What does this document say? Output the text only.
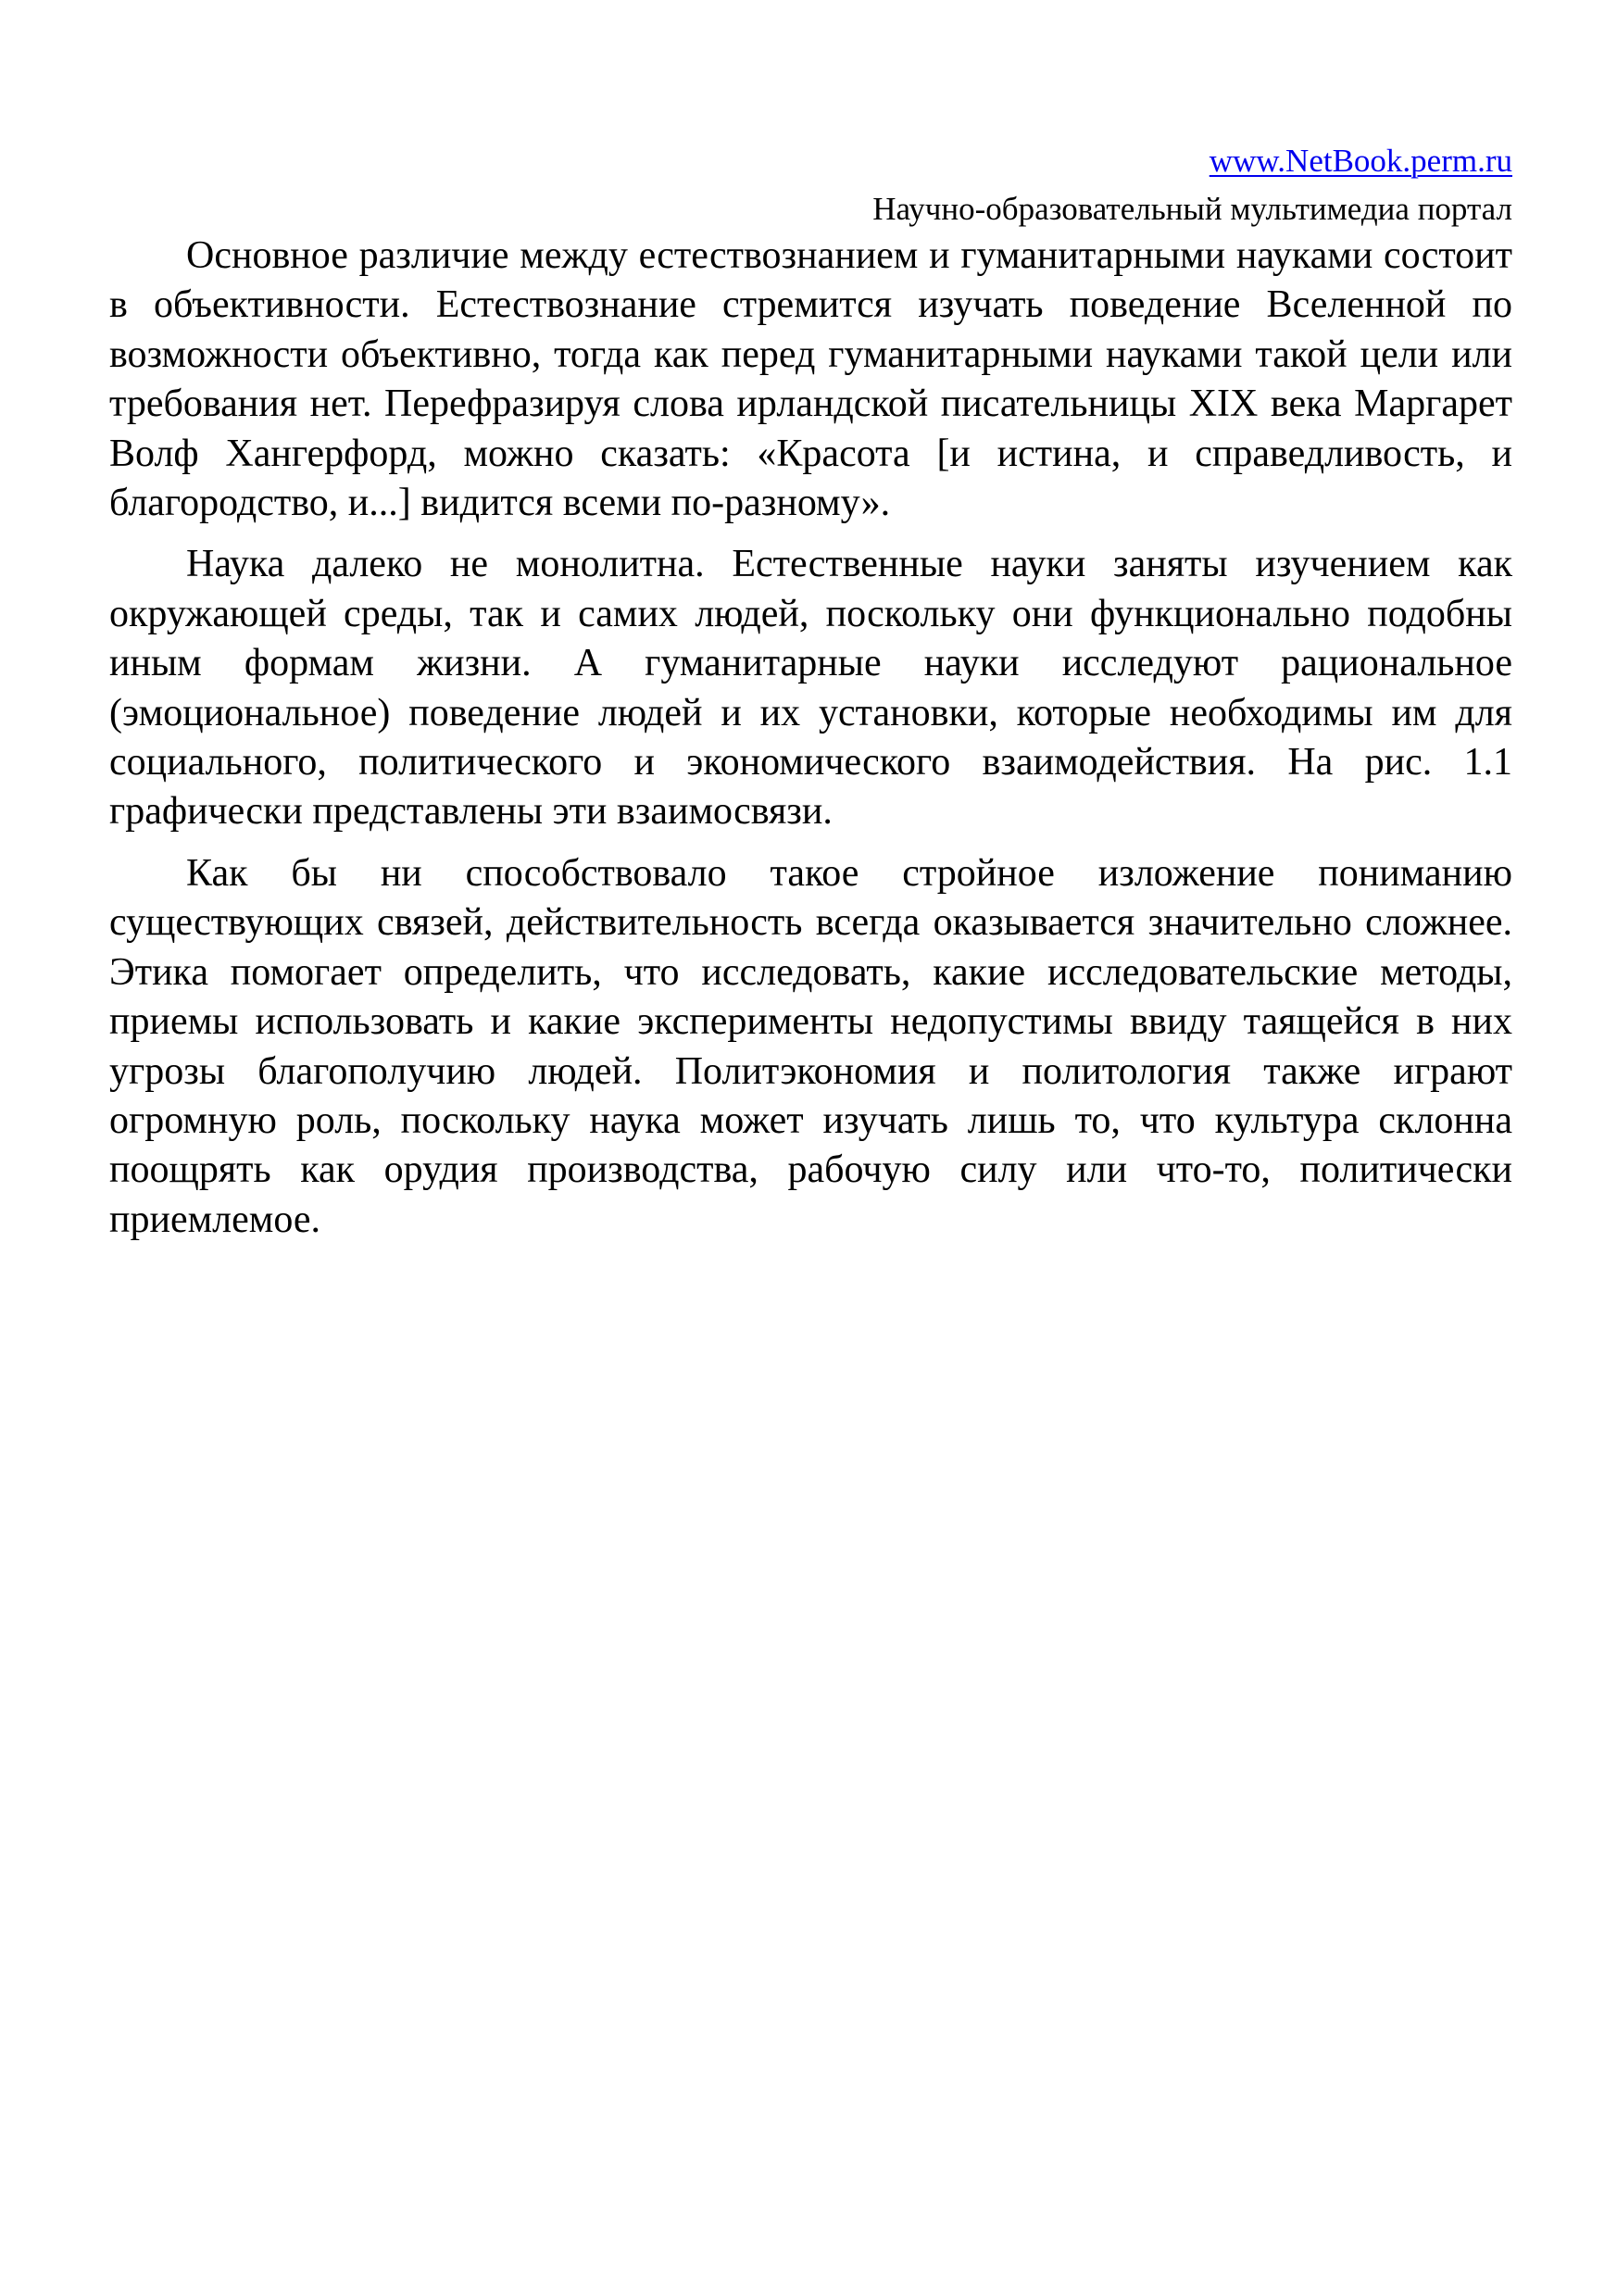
www.NetBook.perm.ru
Научно-образовательный мультимедиа портал

Основное различие между естествознанием и гуманитарными науками состоит в объективности. Естествознание стремится изучать поведение Вселенной по возможности объективно, тогда как перед гуманитарными науками такой цели или требования нет. Перефразируя слова ирландской писательницы XIX века Маргарет Волф Хангерфорд, можно сказать: «Красота [и истина, и справедливость, и благородство, и...] видится всеми по-разному».

Наука далеко не монолитна. Естественные науки заняты изучением как окружающей среды, так и самих людей, поскольку они функционально подобны иным формам жизни. А гуманитарные науки исследуют рациональное (эмоциональное) поведение людей и их установки, которые необходимы им для социального, политического и экономического взаимодействия. На рис. 1.1 графически представлены эти взаимосвязи.

Как бы ни способствовало такое стройное изложение пониманию существующих связей, действительность всегда оказывается значительно сложнее. Этика помогает определить, что исследовать, какие исследовательские методы, приемы использовать и какие эксперименты недопустимы ввиду таящейся в них угрозы благополучию людей. Политэкономия и политология также играют огромную роль, поскольку наука может изучать лишь то, что культура склонна поощрять как орудия производства, рабочую силу или что-то, политически приемлемое.
